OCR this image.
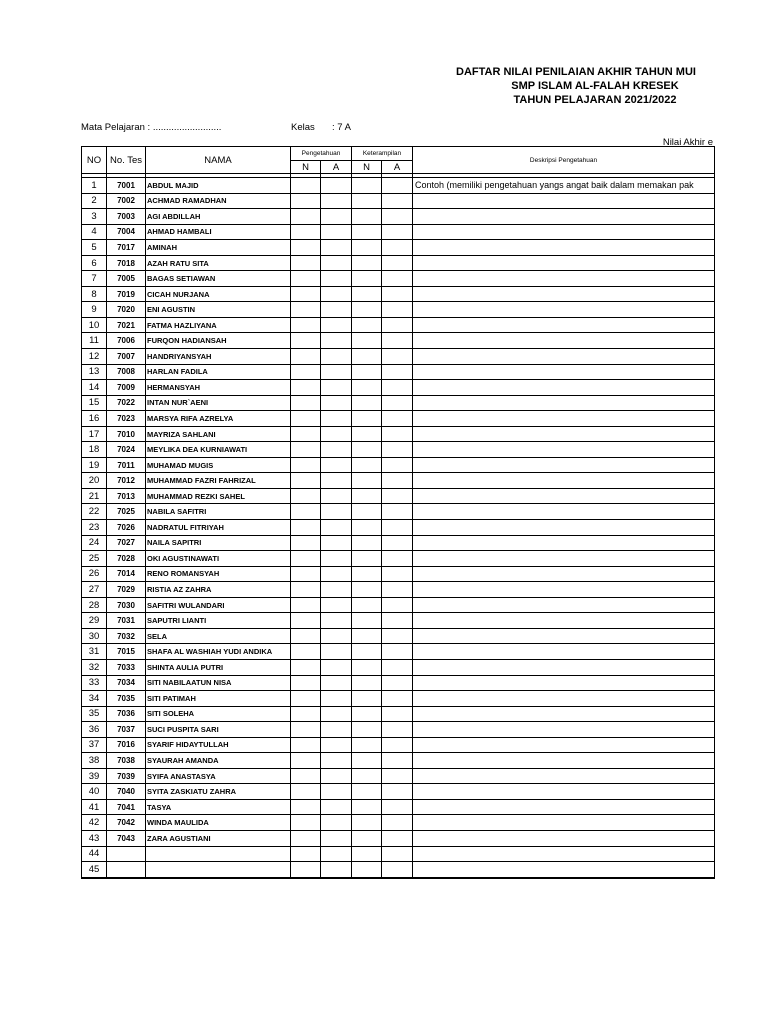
DAFTAR NILAI PENILAIAN AKHIR TAHUN MUI
SMP ISLAM AL-FALAH KRESEK
TAHUN PELAJARAN 2021/2022
Mata Pelajaran : ..........................	Kelas : 7 A
Nilai Akhir e
NO	No. Tes	NAMA	Pengetahuan		Keterampilan		Deskripsi Pengetahuan
			N	A	N	A	

1	7001	ABDUL MAJID					Contoh (memiliki pengetahuan yangs angat baik dalam memakan pak
2	7002	ACHMAD RAMADHAN					
3	7003	AGI ABDILLAH					
4	7004	AHMAD HAMBALI					
5	7017	AMINAH					
6	7018	AZAH RATU SITA					
7	7005	BAGAS SETIAWAN					
8	7019	CICAH NURJANA					
9	7020	ENI AGUSTIN					
10	7021	FATMA HAZLIYANA					
11	7006	FURQON HADIANSAH					
12	7007	HANDRIYANSYAH					
13	7008	HARLAN FADILA					
14	7009	HERMANSYAH					
15	7022	INTAN NUR`AENI					
16	7023	MARSYA RIFA AZRELYA					
17	7010	MAYRIZA SAHLANI					
18	7024	MEYLIKA DEA KURNIAWATI					
19	7011	MUHAMAD MUGIS					
20	7012	MUHAMMAD FAZRI FAHRIZAL					
21	7013	MUHAMMAD REZKI SAHEL					
22	7025	NABILA SAFITRI					
23	7026	NADRATUL FITRIYAH					
24	7027	NAILA SAPITRI					
25	7028	OKI AGUSTINAWATI					
26	7014	RENO ROMANSYAH					
27	7029	RISTIA AZ ZAHRA					
28	7030	SAFITRI WULANDARI					
29	7031	SAPUTRI LIANTI					
30	7032	SELA					
31	7015	SHAFA AL WASHIAH YUDI ANDIKA					
32	7033	SHINTA AULIA PUTRI					
33	7034	SITI NABILAATUN NISA					
34	7035	SITI PATIMAH					
35	7036	SITI SOLEHA					
36	7037	SUCI PUSPITA SARI					
37	7016	SYARIF HIDAYTULLAH					
38	7038	SYAURAH AMANDA					
39	7039	SYIFA ANASTASYA					
40	7040	SYITA ZASKIATU ZAHRA					
41	7041	TASYA					
42	7042	WINDA MAULIDA					
43	7043	ZARA AGUSTIANI					
44							
45							
